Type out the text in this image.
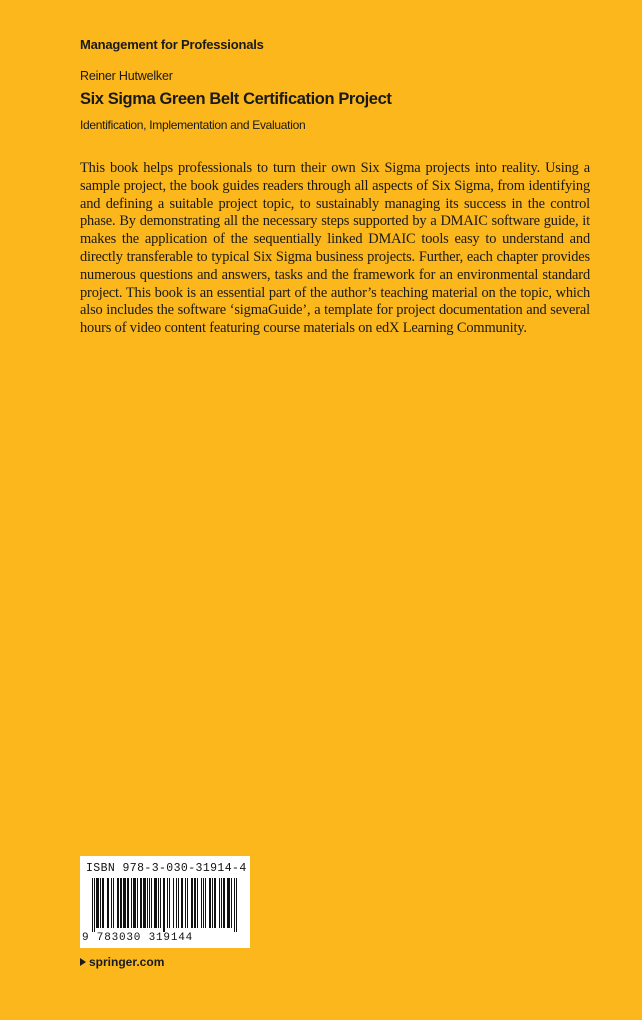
Management for Professionals
Reiner Hutwelker
Six Sigma Green Belt Certification Project
Identification, Implementation and Evaluation
This book helps professionals to turn their own Six Sigma projects into reality. Using a sample project, the book guides readers through all aspects of Six Sigma, from identifying and defining a suitable project topic, to sustainably managing its success in the control phase. By demonstrating all the necessary steps supported by a DMAIC software guide, it makes the application of the sequentially linked DMAIC tools easy to understand and directly transferable to typical Six Sigma business projects. Further, each chapter provides numerous questions and answers, tasks and the framework for an environmental standard project. This book is an essential part of the author’s teaching material on the topic, which also includes the software ‘sigmaGuide’, a template for project documentation and several hours of video content featuring course materials on edX Learning Community.
ISBN 978-3-030-31914-4
9 783030 319144
springer.com
